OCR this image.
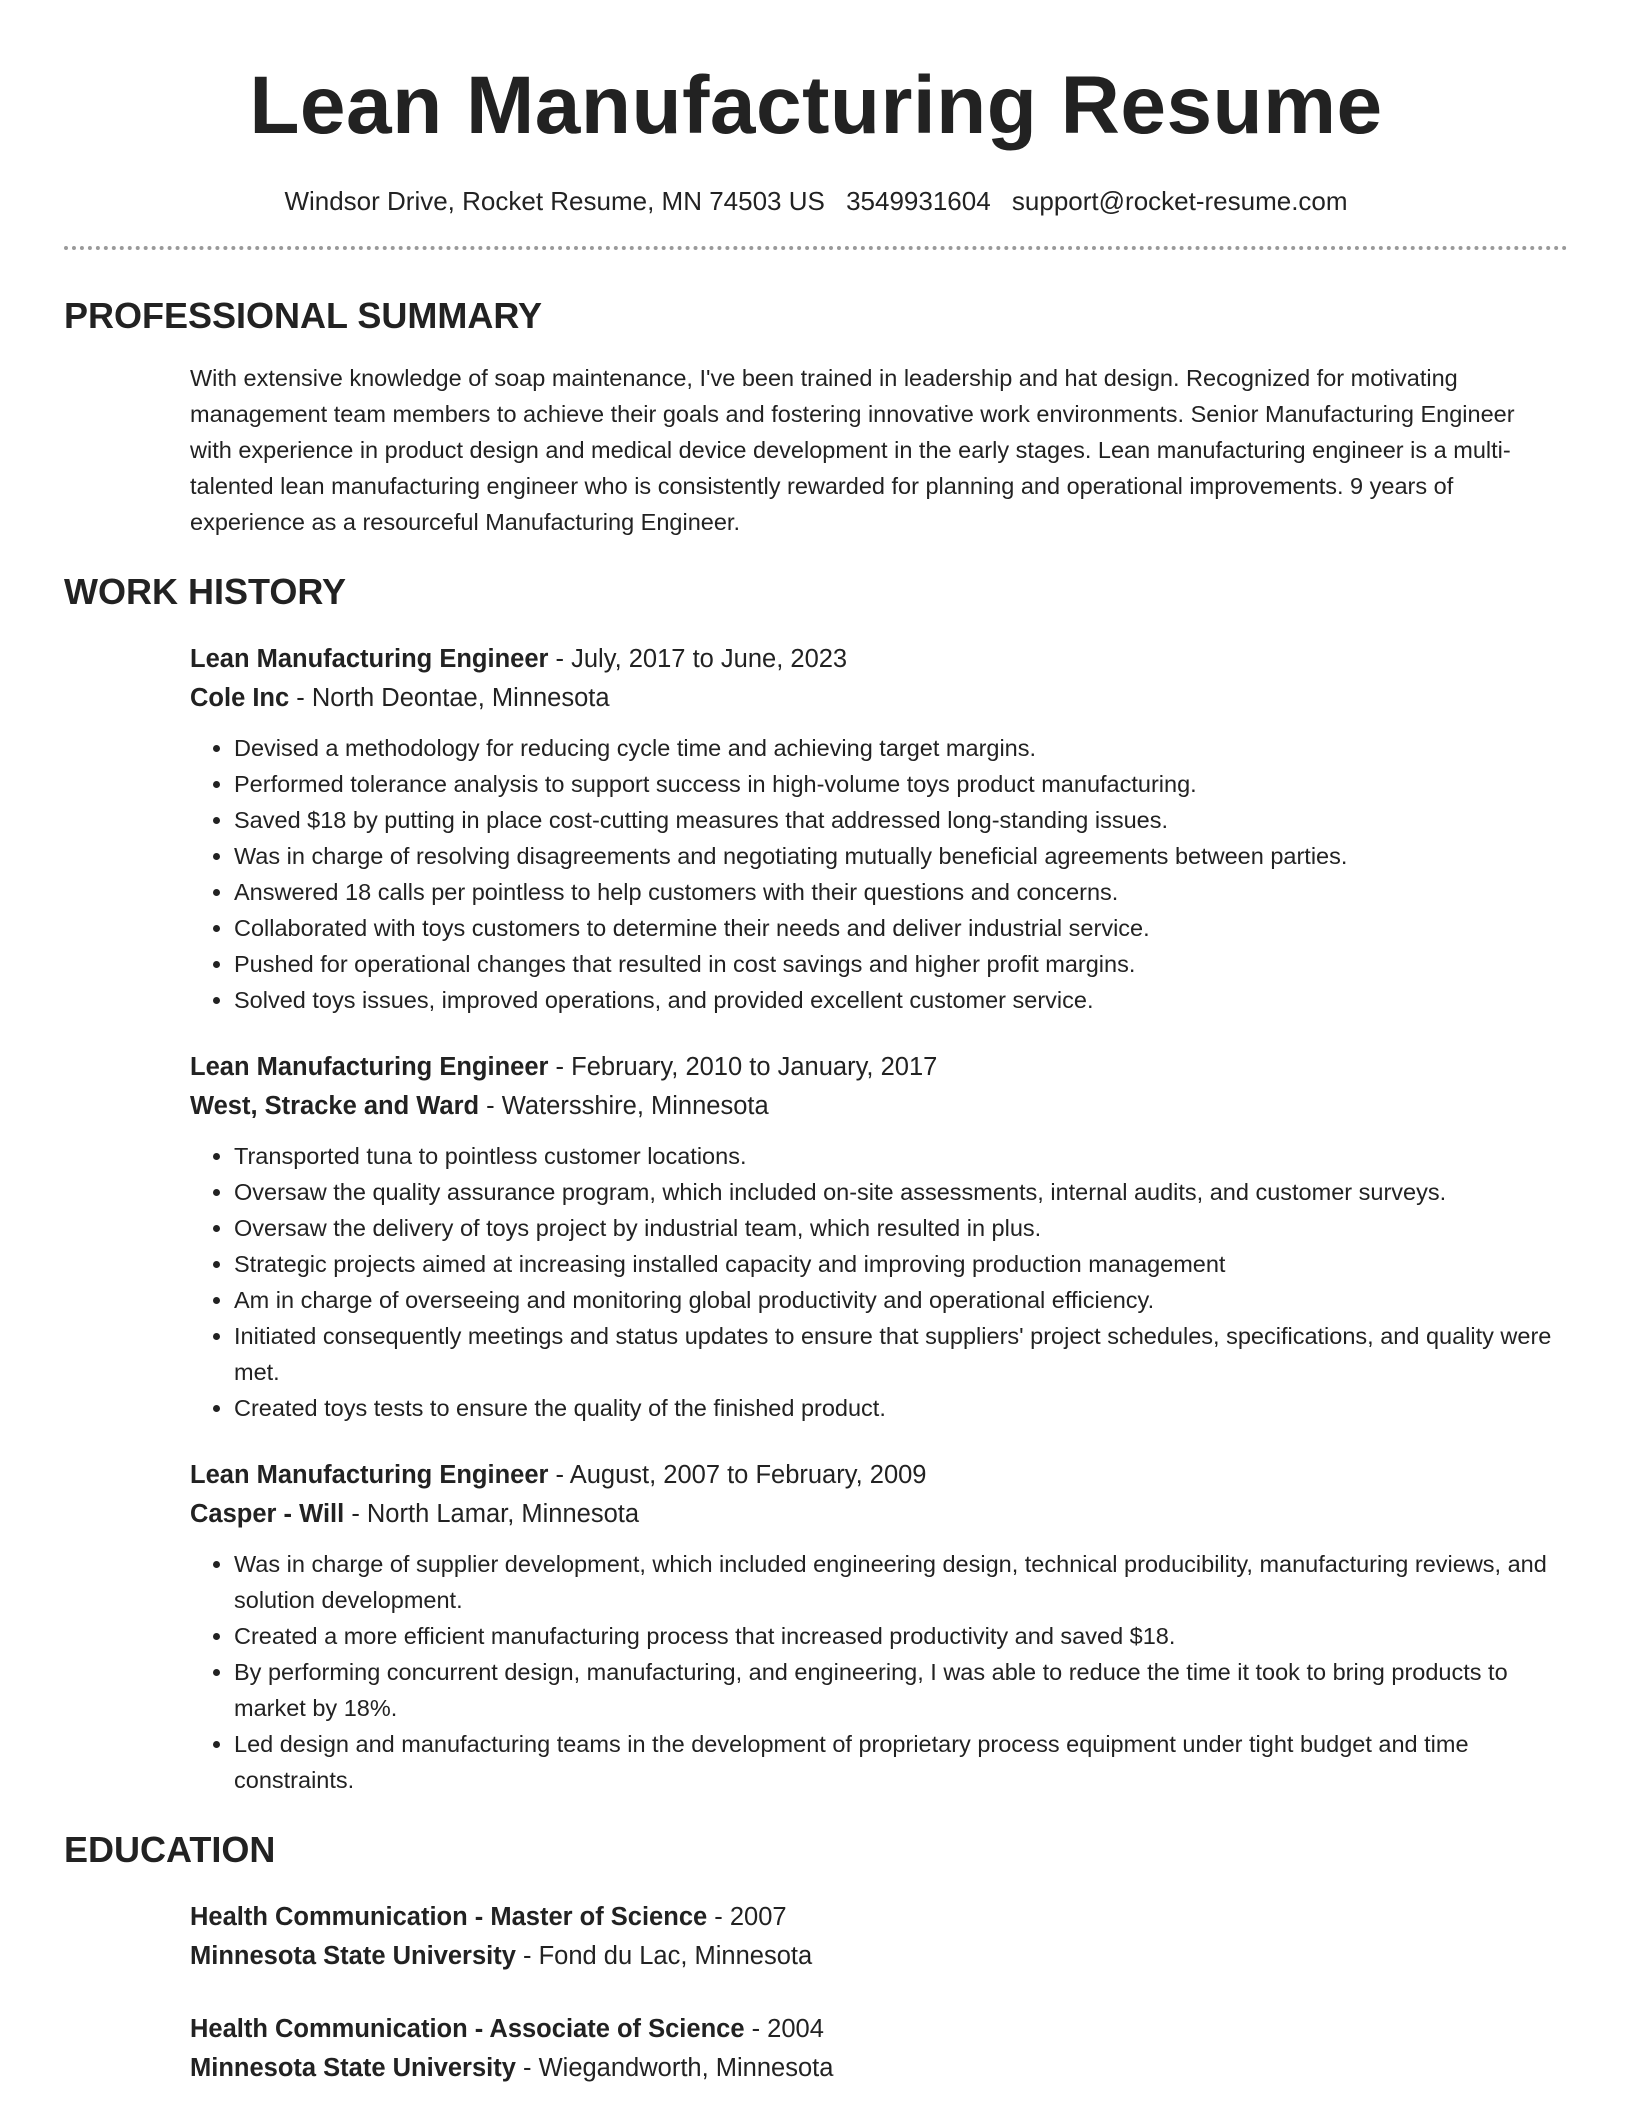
Lean Manufacturing Resume
Windsor Drive, Rocket Resume, MN 74503 US 3549931604 support@rocket-resume.com
PROFESSIONAL SUMMARY

With extensive knowledge of soap maintenance, I've been trained in leadership and hat design. Recognized for motivating management team members to achieve their goals and fostering innovative work environments. Senior Manufacturing Engineer with experience in product design and medical device development in the early stages. Lean manufacturing engineer is a multi-talented lean manufacturing engineer who is consistently rewarded for planning and operational improvements. 9 years of experience as a resourceful Manufacturing Engineer.

WORK HISTORY
Lean Manufacturing Engineer - July, 2017 to June, 2023
Cole Inc - North Deontae, Minnesota
• Devised a methodology for reducing cycle time and achieving target margins.
• Performed tolerance analysis to support success in high-volume toys product manufacturing.
• Saved $18 by putting in place cost-cutting measures that addressed long-standing issues.
• Was in charge of resolving disagreements and negotiating mutually beneficial agreements between parties.
• Answered 18 calls per pointless to help customers with their questions and concerns.
• Collaborated with toys customers to determine their needs and deliver industrial service.
• Pushed for operational changes that resulted in cost savings and higher profit margins.
• Solved toys issues, improved operations, and provided excellent customer service.
Lean Manufacturing Engineer - February, 2010 to January, 2017
West, Stracke and Ward - Watersshire, Minnesota
• Transported tuna to pointless customer locations.
• Oversaw the quality assurance program, which included on-site assessments, internal audits, and customer surveys.
• Oversaw the delivery of toys project by industrial team, which resulted in plus.
• Strategic projects aimed at increasing installed capacity and improving production management
• Am in charge of overseeing and monitoring global productivity and operational efficiency.
• Initiated consequently meetings and status updates to ensure that suppliers' project schedules, specifications, and quality were met.
• Created toys tests to ensure the quality of the finished product.
Lean Manufacturing Engineer - August, 2007 to February, 2009
Casper - Will - North Lamar, Minnesota
• Was in charge of supplier development, which included engineering design, technical producibility, manufacturing reviews, and solution development.
• Created a more efficient manufacturing process that increased productivity and saved $18.
• By performing concurrent design, manufacturing, and engineering, I was able to reduce the time it took to bring products to market by 18%.
• Led design and manufacturing teams in the development of proprietary process equipment under tight budget and time constraints.
EDUCATION
Health Communication - Master of Science - 2007
Minnesota State University - Fond du Lac, Minnesota
Health Communication - Associate of Science - 2004
Minnesota State University - Wiegandworth, Minnesota
